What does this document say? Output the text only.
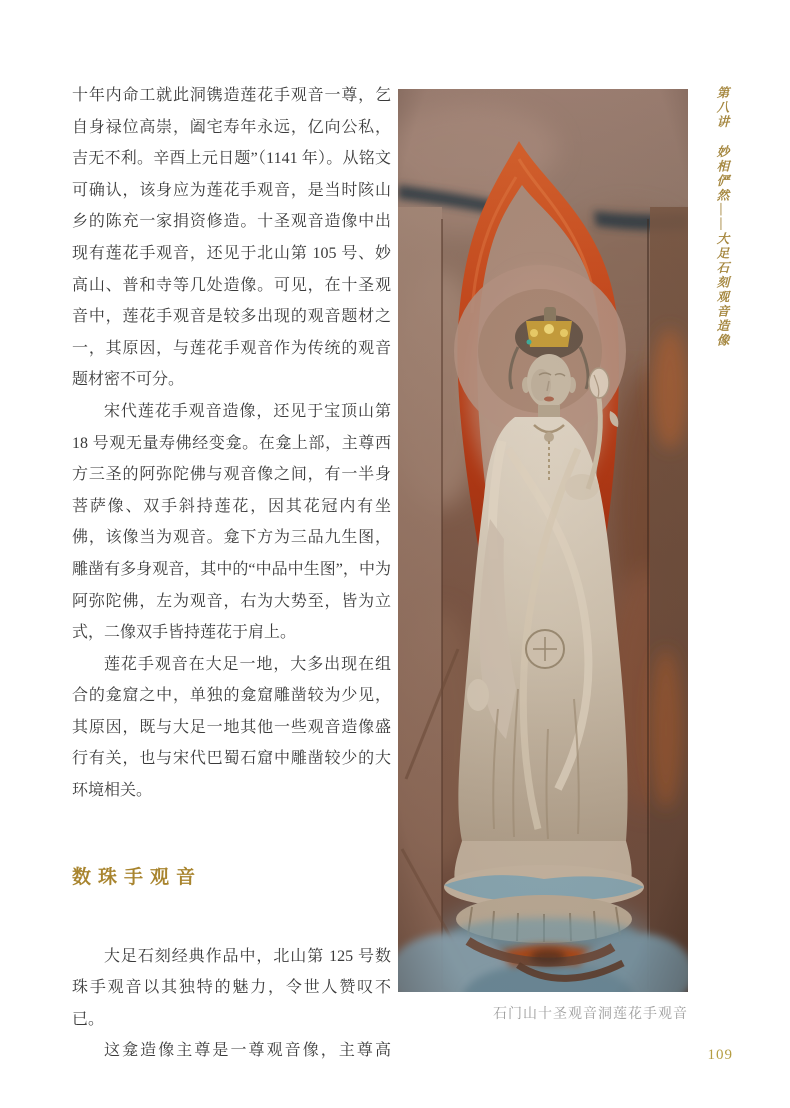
第八讲
妙相俨然——大足石刻观音造像

十年内命工就此洞镌造莲花手观音一尊，乞自身禄位高崇，阖宅寿年永远，亿向公私，吉无不利。辛酉上元日题”（1141 年）。从铭文可确认，该身应为莲花手观音，是当时陔山乡的陈充一家捐资修造。十圣观音造像中出现有莲花手观音，还见于北山第 105 号、妙高山、普和寺等几处造像。可见，在十圣观音中，莲花手观音是较多出现的观音题材之一，其原因，与莲花手观音作为传统的观音题材密不可分。

宋代莲花手观音造像，还见于宝顶山第 18 号观无量寿佛经变龛。在龛上部，主尊西方三圣的阿弥陀佛与观音像之间，有一半身菩萨像、双手斜持莲花，因其花冠内有坐佛，该像当为观音。龛下方为三品九生图，雕凿有多身观音，其中的“中品中生图”，中为阿弥陀佛，左为观音，右为大势至，皆为立式，二像双手皆持莲花于肩上。

莲花手观音在大足一地，大多出现在组合的龛窟之中，单独的龛窟雕凿较为少见，其原因，既与大足一地其他一些观音造像盛行有关，也与宋代巴蜀石窟中雕凿较少的大环境相关。

数珠手观音

大足石刻经典作品中，北山第 125 号数珠手观音以其独特的魅力，令世人赞叹不已。

这龛造像主尊是一尊观音像，主尊高

石门山十圣观音洞莲花手观音
109
